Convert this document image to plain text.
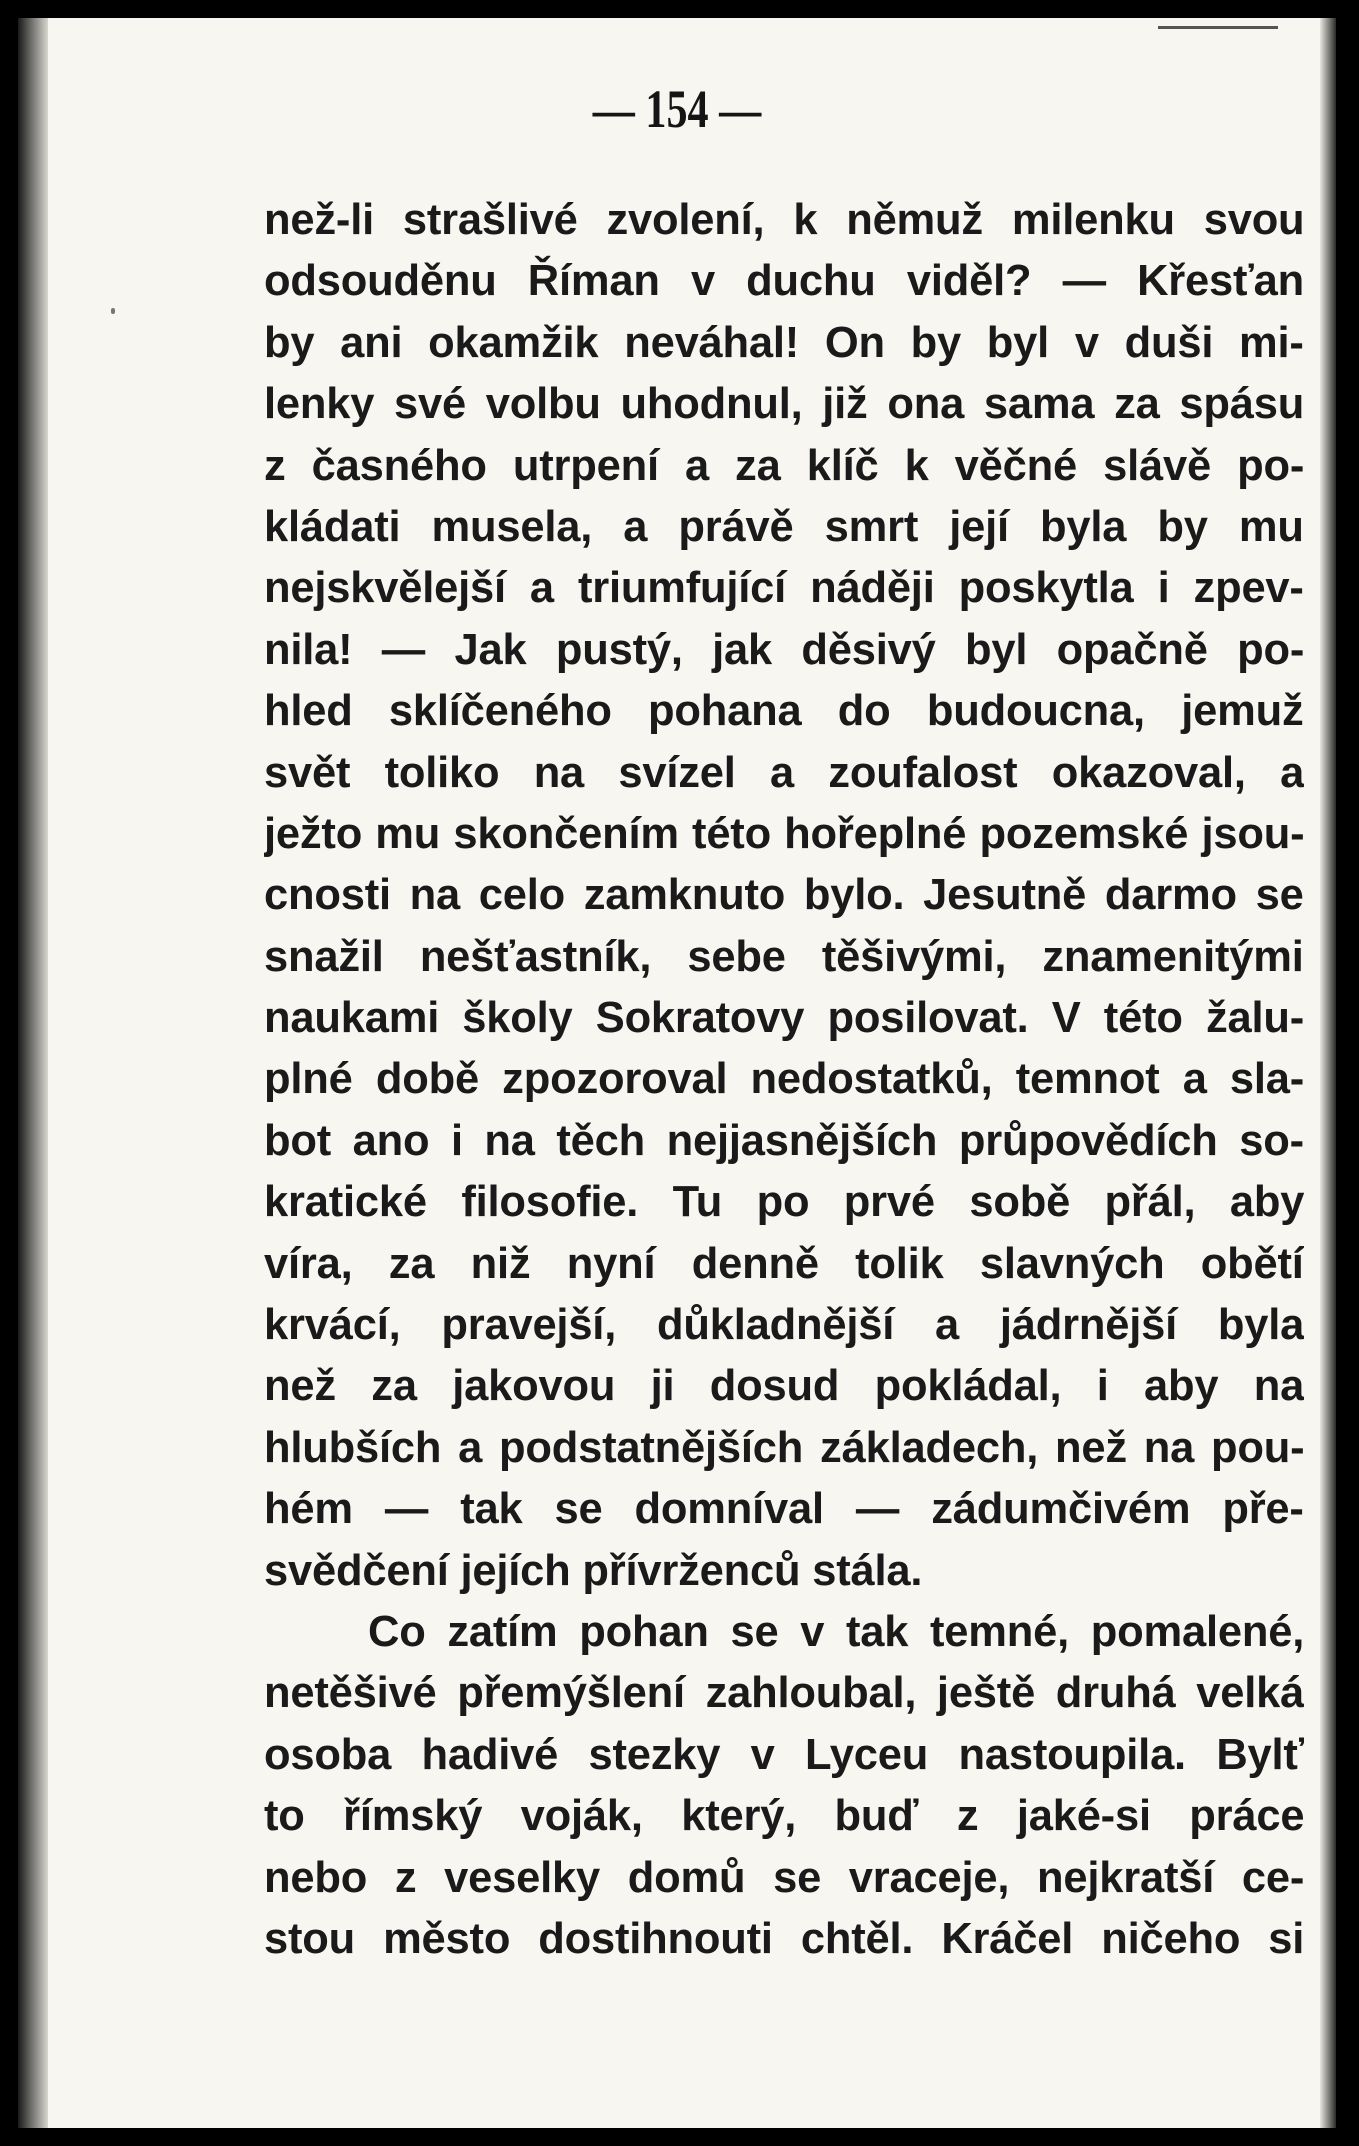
— 154 —
než-li strašlivé zvolení, k němuž milenku svou
odsouděnu Říman v duchu viděl? — Křesťan
by ani okamžik neváhal! On by byl v duši mi-
lenky své volbu uhodnul, již ona sama za spásu
z časného utrpení a za klíč k věčné slávě po-
kládati musela, a právě smrt její byla by mu
nejskvělejší a triumfující náději poskytla i zpev-
nila! — Jak pustý, jak děsivý byl opačně po-
hled sklíčeného pohana do budoucna, jemuž
svět toliko na svízel a zoufalost okazoval, a
ježto mu skončením této hořeplné pozemské jsou-
cnosti na celo zamknuto bylo. Jesutně darmo se
snažil nešťastník, sebe těšivými, znamenitými
naukami školy Sokratovy posilovat. V této žalu-
plné době zpozoroval nedostatků, temnot a sla-
bot ano i na těch nejjasnějších průpovědích so-
kratické filosofie. Tu po prvé sobě přál, aby
víra, za niž nyní denně tolik slavných obětí
krvácí, pravejší, důkladnější a jádrnější byla
než za jakovou ji dosud pokládal, i aby na
hlubších a podstatnějších základech, než na pou-
hém — tak se domníval — zádumčivém pře-
svědčení jejích přívrženců stála.
Co zatím pohan se v tak temné, pomalené,
netěšivé přemýšlení zahloubal, ještě druhá velká
osoba hadivé stezky v Lyceu nastoupila. Bylť
to římský voják, který, buď z jaké-si práce
nebo z veselky domů se vraceje, nejkratší ce-
stou město dostihnouti chtěl. Kráčel ničeho si
